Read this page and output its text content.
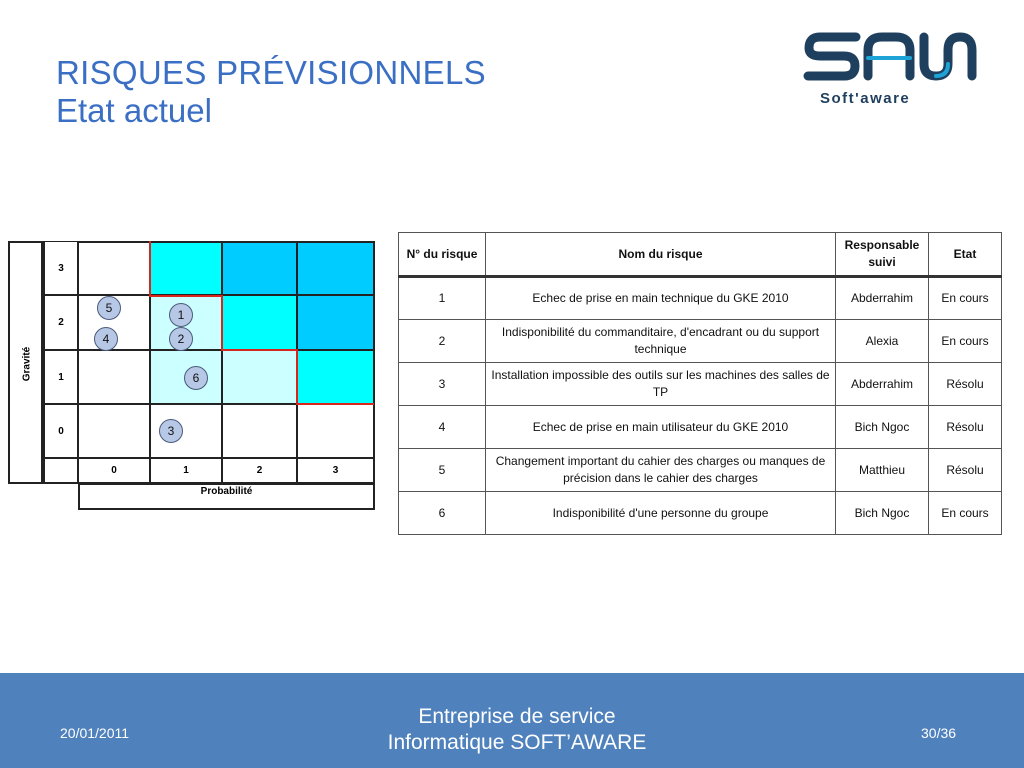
RISQUES PRÉVISIONNELS
Etat actuel	Soft'aware
Gravité
3
2
1
0
0	1	2	3
Probabilité
5	1
4	2
6
3
N° du risque	Nom du risque	Responsable suivi	Etat
1	Echec de prise en main technique du GKE 2010	Abderrahim	En cours
2	Indisponibilité du commanditaire, d'encadrant ou du support technique	Alexia	En cours
3	Installation impossible des outils sur les machines des salles de TP	Abderrahim	Résolu
4	Echec de prise en main utilisateur du GKE 2010	Bich Ngoc	Résolu
5	Changement important du cahier des charges ou manques de précision dans le cahier des charges	Matthieu	Résolu
6	Indisponibilité d'une personne du groupe	Bich Ngoc	En cours
20/01/2011
Entreprise de service
Informatique SOFT’AWARE	30/36
